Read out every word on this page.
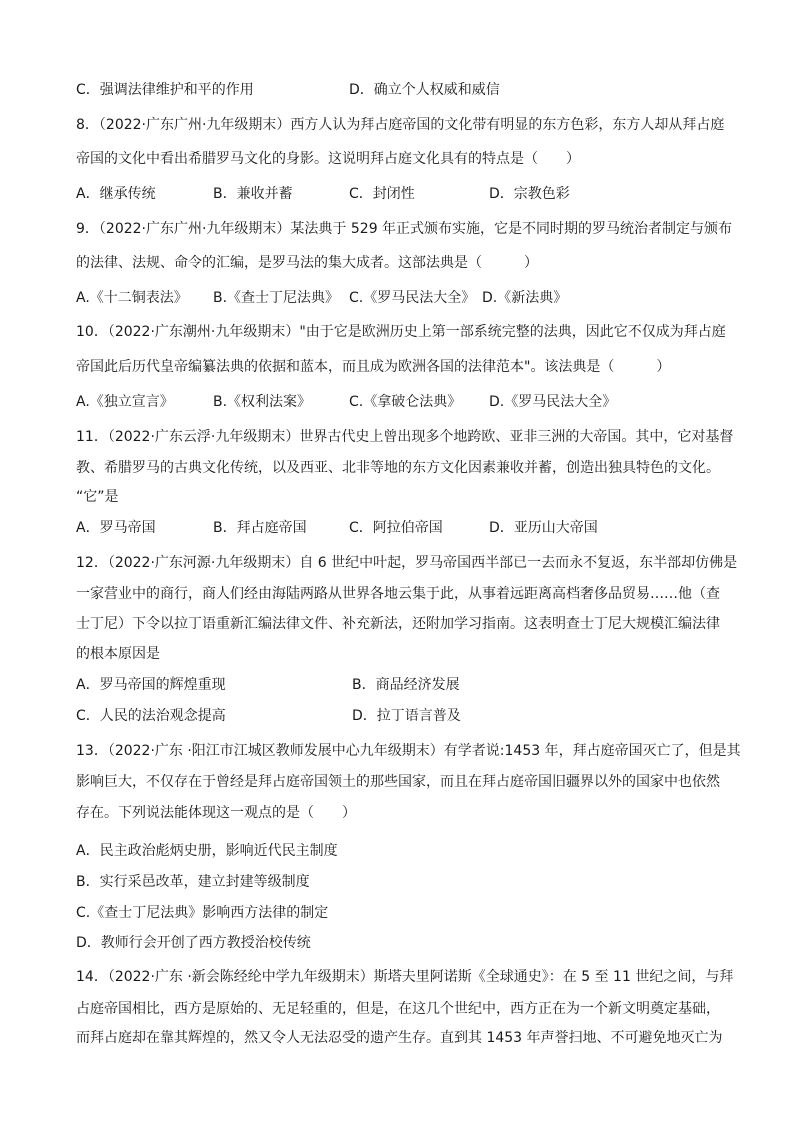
C．强调法律维护和平的作用	D．确立个人权威和威信
8．（2022·广东广州·九年级期末）西方人认为拜占庭帝国的文化带有明显的东方色彩，东方人却从拜占庭
帝国的文化中看出希腊罗马文化的身影。这说明拜占庭文化具有的特点是（　　）
A．继承传统	B．兼收并蓄	C．封闭性	D．宗教色彩
9．（2022·广东广州·九年级期末）某法典于 529 年正式颁布实施，它是不同时期的罗马统治者制定与颁布
的法律、法规、命令的汇编，是罗马法的集大成者。这部法典是（　　　）
A.《十二铜表法》 B.《查士丁尼法典》 C.《罗马民法大全》 D.《新法典》
10．（2022·广东潮州·九年级期末）"由于它是欧洲历史上第一部系统完整的法典，因此它不仅成为拜占庭
帝国此后历代皇帝编纂法典的依据和蓝本，而且成为欧洲各国的法律范本"。该法典是（　　　）
A.《独立宣言》	B.《权利法案》	C.《拿破仑法典》 D.《罗马民法大全》
11．（2022·广东云浮·九年级期末）世界古代史上曾出现多个地跨欧、亚非三洲的大帝国。其中，它对基督
教、希腊罗马的古典文化传统，以及西亚、北非等地的东方文化因素兼收并蓄，创造出独具特色的文化。
“它”是
A．罗马帝国	B．拜占庭帝国	C．阿拉伯帝国	D．亚历山大帝国
12．（2022·广东河源·九年级期末）自 6 世纪中叶起，罗马帝国西半部已一去而永不复返，东半部却仿佛是
一家营业中的商行，商人们经由海陆两路从世界各地云集于此，从事着远距离高档奢侈品贸易……他（查
士丁尼）下令以拉丁语重新汇编法律文件、补充新法，还附加学习指南。这表明查士丁尼大规模汇编法律
的根本原因是
A．罗马帝国的辉煌重现	B．商品经济发展
C．人民的法治观念提高	D．拉丁语言普及
13．（2022·广东 ·阳江市江城区教师发展中心九年级期末）有学者说:1453 年，拜占庭帝国灭亡了，但是其
影响巨大，不仅存在于曾经是拜占庭帝国领土的那些国家，而且在拜占庭帝国旧疆界以外的国家中也依然
存在。下列说法能体现这一观点的是（　　）
A．民主政治彪炳史册，影响近代民主制度
B．实行采邑改革，建立封建等级制度
C.《查士丁尼法典》影响西方法律的制定
D．教师行会开创了西方教授治校传统
14．（2022·广东 ·新会陈经纶中学九年级期末）斯塔夫里阿诺斯《全球通史》：在 5 至 11 世纪之间，与拜
占庭帝国相比，西方是原始的、无足轻重的，但是，在这几个世纪中，西方正在为一个新文明奠定基础，
而拜占庭却在靠其辉煌的，然又令人无法忍受的遗产生存。直到其 1453 年声誉扫地、不可避免地灭亡为
